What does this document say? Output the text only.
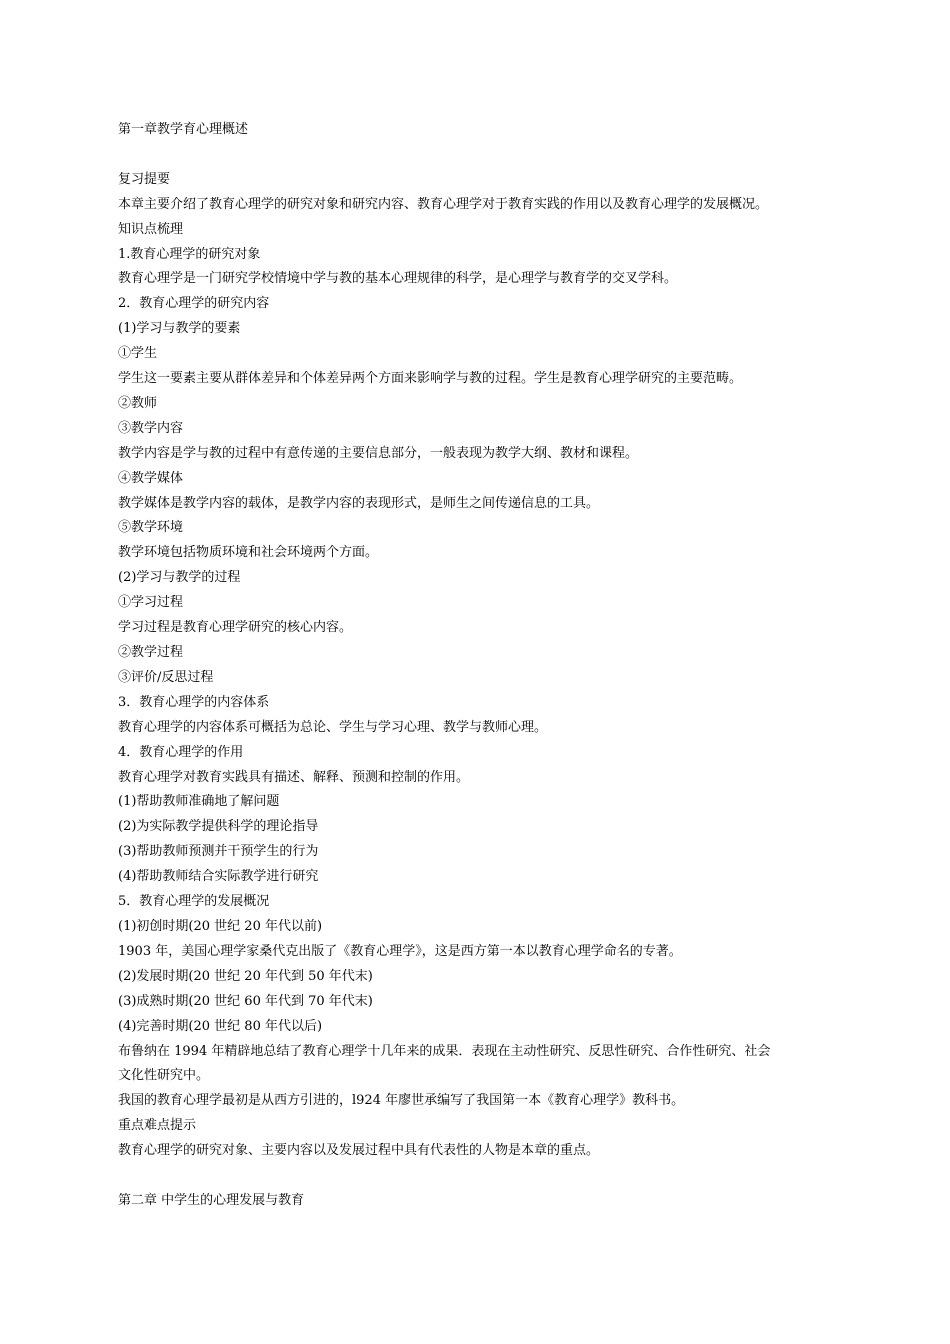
第一章教学育心理概述
复习提要
本章主要介绍了教育心理学的研究对象和研究内容、教育心理学对于教育实践的作用以及教育心理学的发展概况。
知识点梳理
1.教育心理学的研究对象
教育心理学是一门研究学校情境中学与教的基本心理规律的科学，是心理学与教育学的交叉学科。
2．教育心理学的研究内容
(1)学习与教学的要素
①学生
学生这一要素主要从群体差异和个体差异两个方面来影响学与教的过程。学生是教育心理学研究的主要范畴。
②教师
③教学内容
教学内容是学与教的过程中有意传递的主要信息部分，一般表现为教学大纲、教材和课程。
④教学媒体
教学媒体是教学内容的载体，是教学内容的表现形式，是师生之间传递信息的工具。
⑤教学环境
教学环境包括物质环境和社会环境两个方面。
(2)学习与教学的过程
①学习过程
学习过程是教育心理学研究的核心内容。
②教学过程
③评价/反思过程
3．教育心理学的内容体系
教育心理学的内容体系可概括为总论、学生与学习心理、教学与教师心理。
4．教育心理学的作用
教育心理学对教育实践具有描述、解释、预测和控制的作用。
(1)帮助教师准确地了解问题
(2)为实际教学提供科学的理论指导
(3)帮助教师预测并干预学生的行为
(4)帮助教师结合实际教学进行研究
5．教育心理学的发展概况
(1)初创时期(20 世纪 20 年代以前)
1903 年，美国心理学家桑代克出版了《教育心理学》，这是西方第一本以教育心理学命名的专著。
(2)发展时期(20 世纪 20 年代到 50 年代末)
(3)成熟时期(20 世纪 60 年代到 70 年代末)
(4)完善时期(20 世纪 80 年代以后)
布鲁纳在 1994 年精辟地总结了教育心理学十几年来的成果．表现在主动性研究、反思性研究、合作性研究、社会
文化性研究中。
我国的教育心理学最初是从西方引进的，l924 年廖世承编写了我国第一本《教育心理学》教科书。
重点难点提示
教育心理学的研究对象、主要内容以及发展过程中具有代表性的人物是本章的重点。
第二章 中学生的心理发展与教育
